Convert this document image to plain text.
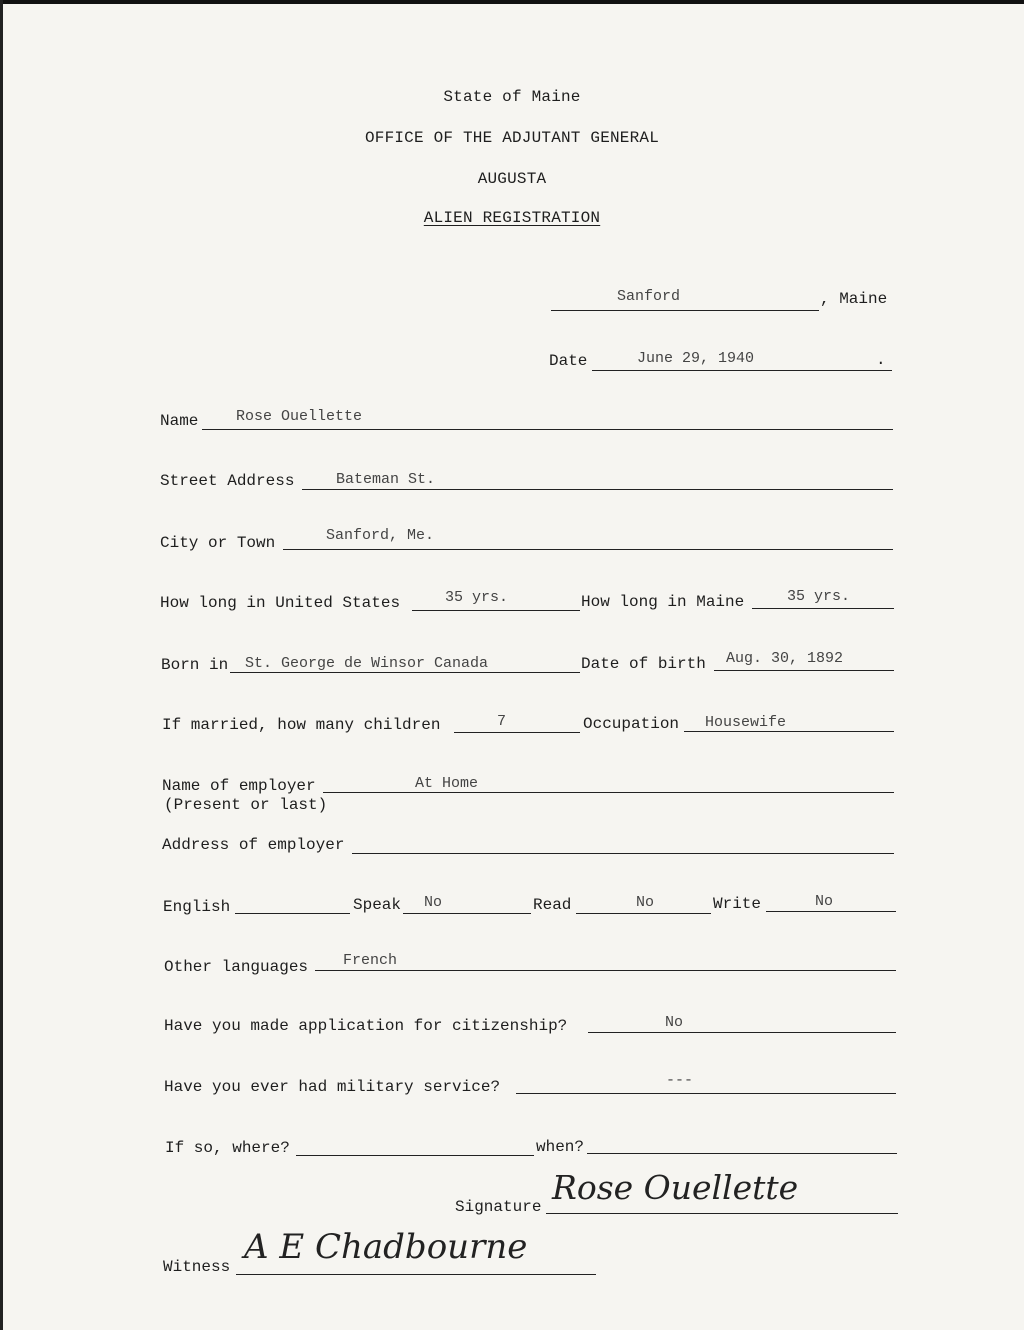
State of Maine
OFFICE OF THE ADJUTANT GENERAL
AUGUSTA
ALIEN REGISTRATION
Sanford	, Maine
Date	June 29, 1940	.
Name	Rose Ouellette
Street Address	Bateman St.
City or Town	Sanford, Me.
How long in United States	35 yrs.	How long in Maine	35 yrs.
Born in St. George de Winsor Canada	Date of birth Aug. 30, 1892
If married, how many children	7	Occupation Housewife
Name of employer
(Present or last)
At Home
Address of employer
English	Speak No	Read	No	Write	No
Other languages French
Have you made application for citizenship?	No
Have you ever had military service?	---
If so, where?	when?
Signature Rose Ouellette
Witness A E Chadbourne
